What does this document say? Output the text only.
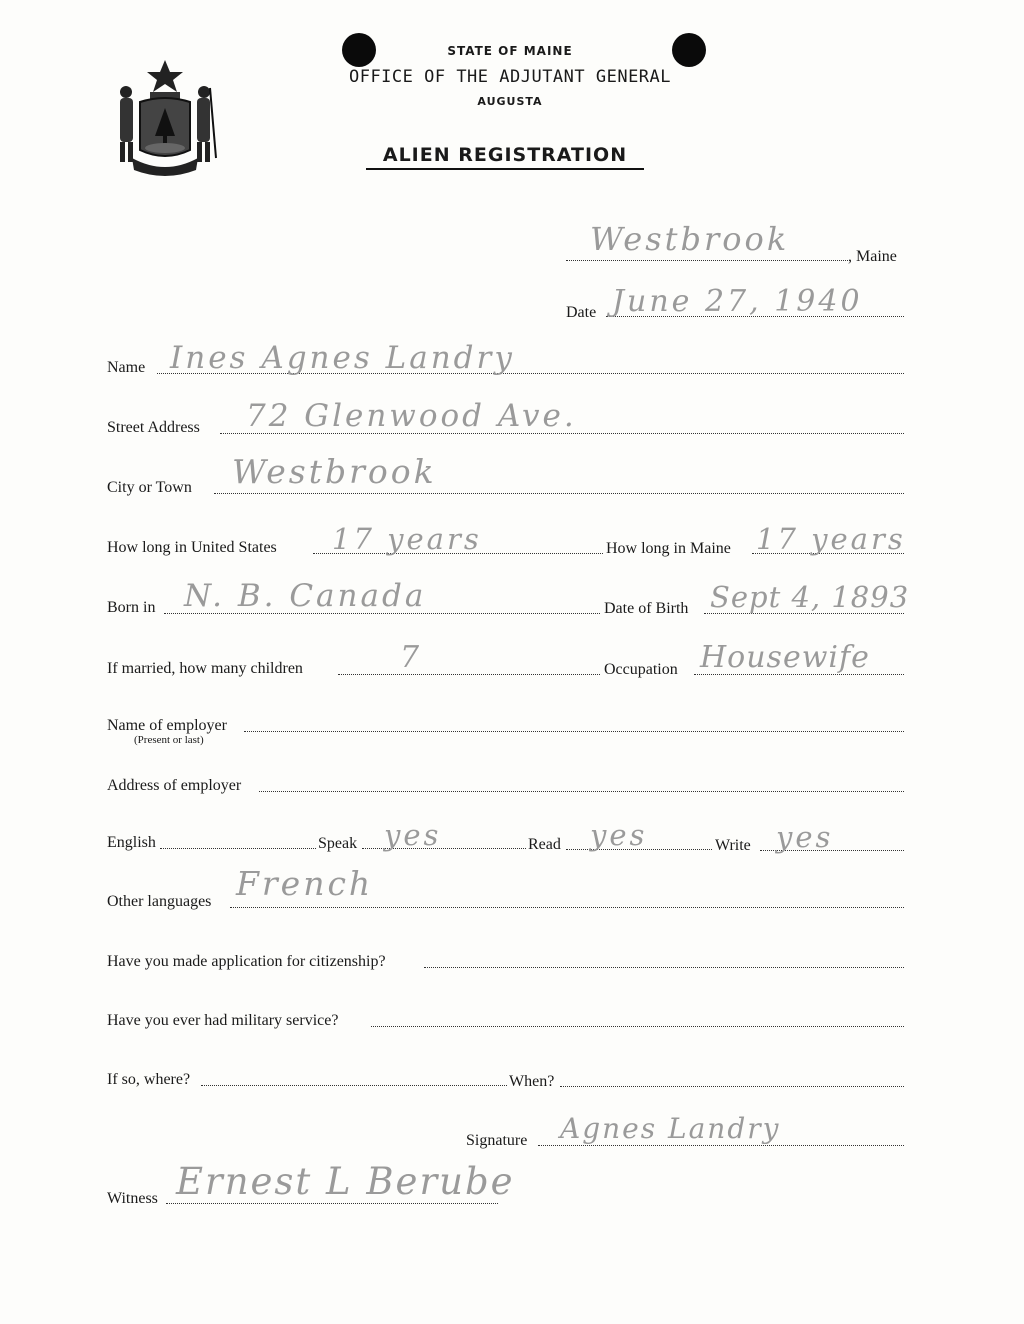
STATE OF MAINE
OFFICE OF THE ADJUTANT GENERAL
AUGUSTA
ALIEN REGISTRATION
Westbrook	, Maine
Date June 27, 1940
Name Ines Agnes Landry
Street Address 72 Glenwood Ave.
City or Town Westbrook
How long in United States 17 years	How long in Maine 17 years
Born in N. B. Canada	Date of Birth Sept 4, 1893
If married, how many children	7	Occupation Housewife
Name of employer
(Present or last)
Address of employer
English	Speak yes	Read yes	Write yes
Other languages French
Have you made application for citizenship?
Have you ever had military service?
If so, where?	When?
Signature Agnes Landry
Witness Ernest L Berube
